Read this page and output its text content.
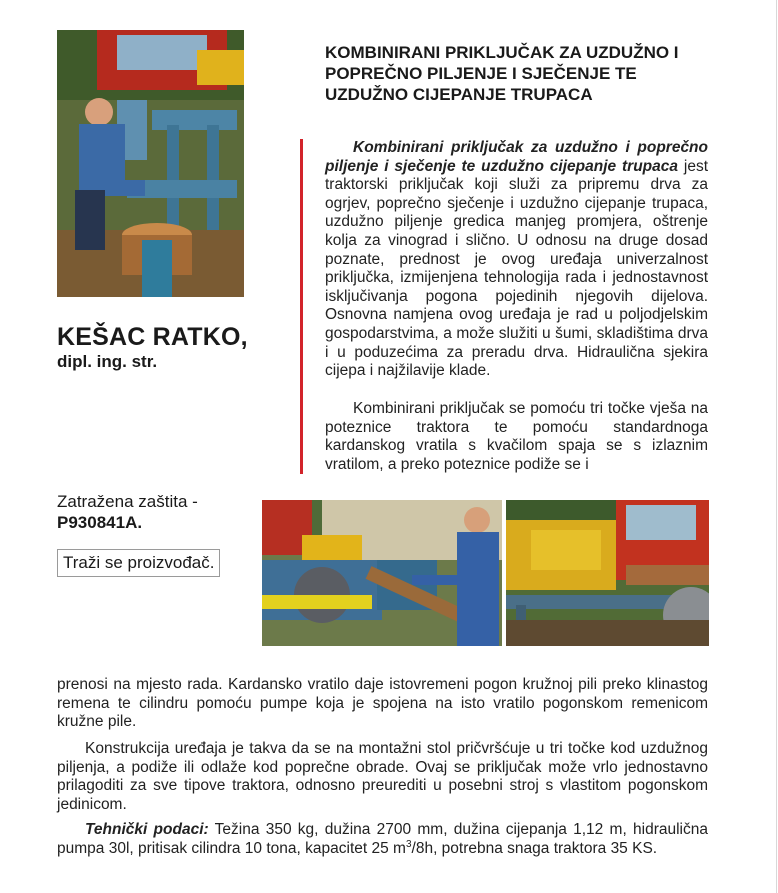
KEŠAC RATKO,
dipl. ing. str.
KOMBINIRANI PRIKLJUČAK ZA UZDUŽNO I POPREČNO PILJENJE I SJEČENJE TE UZDUŽNO CIJEPANJE TRUPACA

Kombinirani priključak za uzdužno i poprečno piljenje i sječenje te uzdužno cijepanje trupaca jest traktorski priključak koji služi za pripremu drva za ogrjev, poprečno sječenje i uzdužno cijepanje trupaca, uzdužno piljenje gredica manjeg promjera, oštrenje kolja za vinograd i slično. U odnosu na druge dosad poznate, prednost je ovog uređaja univerzalnost priključka, izmijenjena tehnologija rada i jednostavnost isključivanja pogona pojedinih njegovih dijelova. Osnovna namjena ovog uređaja je rad u poljodjelskim gospodarstvima, a može služiti u šumi, skladištima drva i u poduzećima za preradu drva. Hidraulična sjekira cijepa i najžilavije klade.

Kombinirani priključak se pomoću tri točke vješa na poteznice traktora te pomoću standardnoga kardanskog vratila s kvačilom spaja se s izlaznim vratilom, a preko poteznice podiže se i

Zatražena zaštita -
P930841A.
Traži se proizvođač.

prenosi na mjesto rada. Kardansko vratilo daje istovremeni pogon kružnoj pili preko klinastog remena te cilindru pomoću pumpe koja je spojena na isto vratilo pogonskom remenicom kružne pile.

Konstrukcija uređaja je takva da se na montažni stol pričvršćuje u tri točke kod uzdužnog piljenja, a podiže ili odlaže kod poprečne obrade. Ovaj se priključak može vrlo jednostavno prilagoditi za sve tipove traktora, odnosno preurediti u posebni stroj s vlastitom pogonskom jedinicom.

Tehnički podaci: Težina 350 kg, dužina 2700 mm, dužina cijepanja 1,12 m, hidraulična pumpa 30l, pritisak cilindra 10 tona, kapacitet 25 $m^3/8h$, potrebna snaga traktora 35 KS.
